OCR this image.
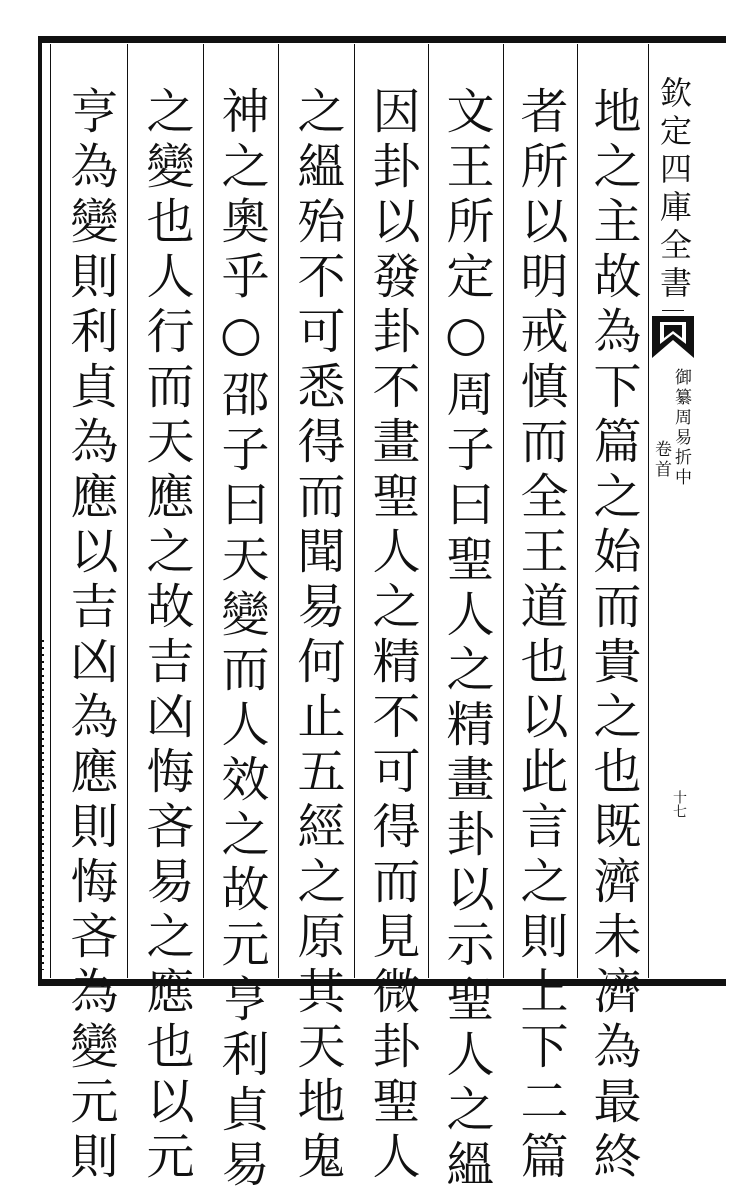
欽定四庫全書
御纂周易折中
卷首
十七
地之主故為下篇之始而貴之也既濟未濟為最終
者所以明戒慎而全王道也以此言之則上下二篇
文王所定○周子曰聖人之精畫卦以示聖人之縕
因卦以發卦不畫聖人之精不可得而見微卦聖人
之縕殆不可悉得而聞易何止五經之原其天地鬼
神之奧乎○邵子曰天變而人效之故元亨利貞易
之變也人行而天應之故吉凶悔吝易之應也以元
亨為變則利貞為應以吉凶為應則悔吝為變元則
